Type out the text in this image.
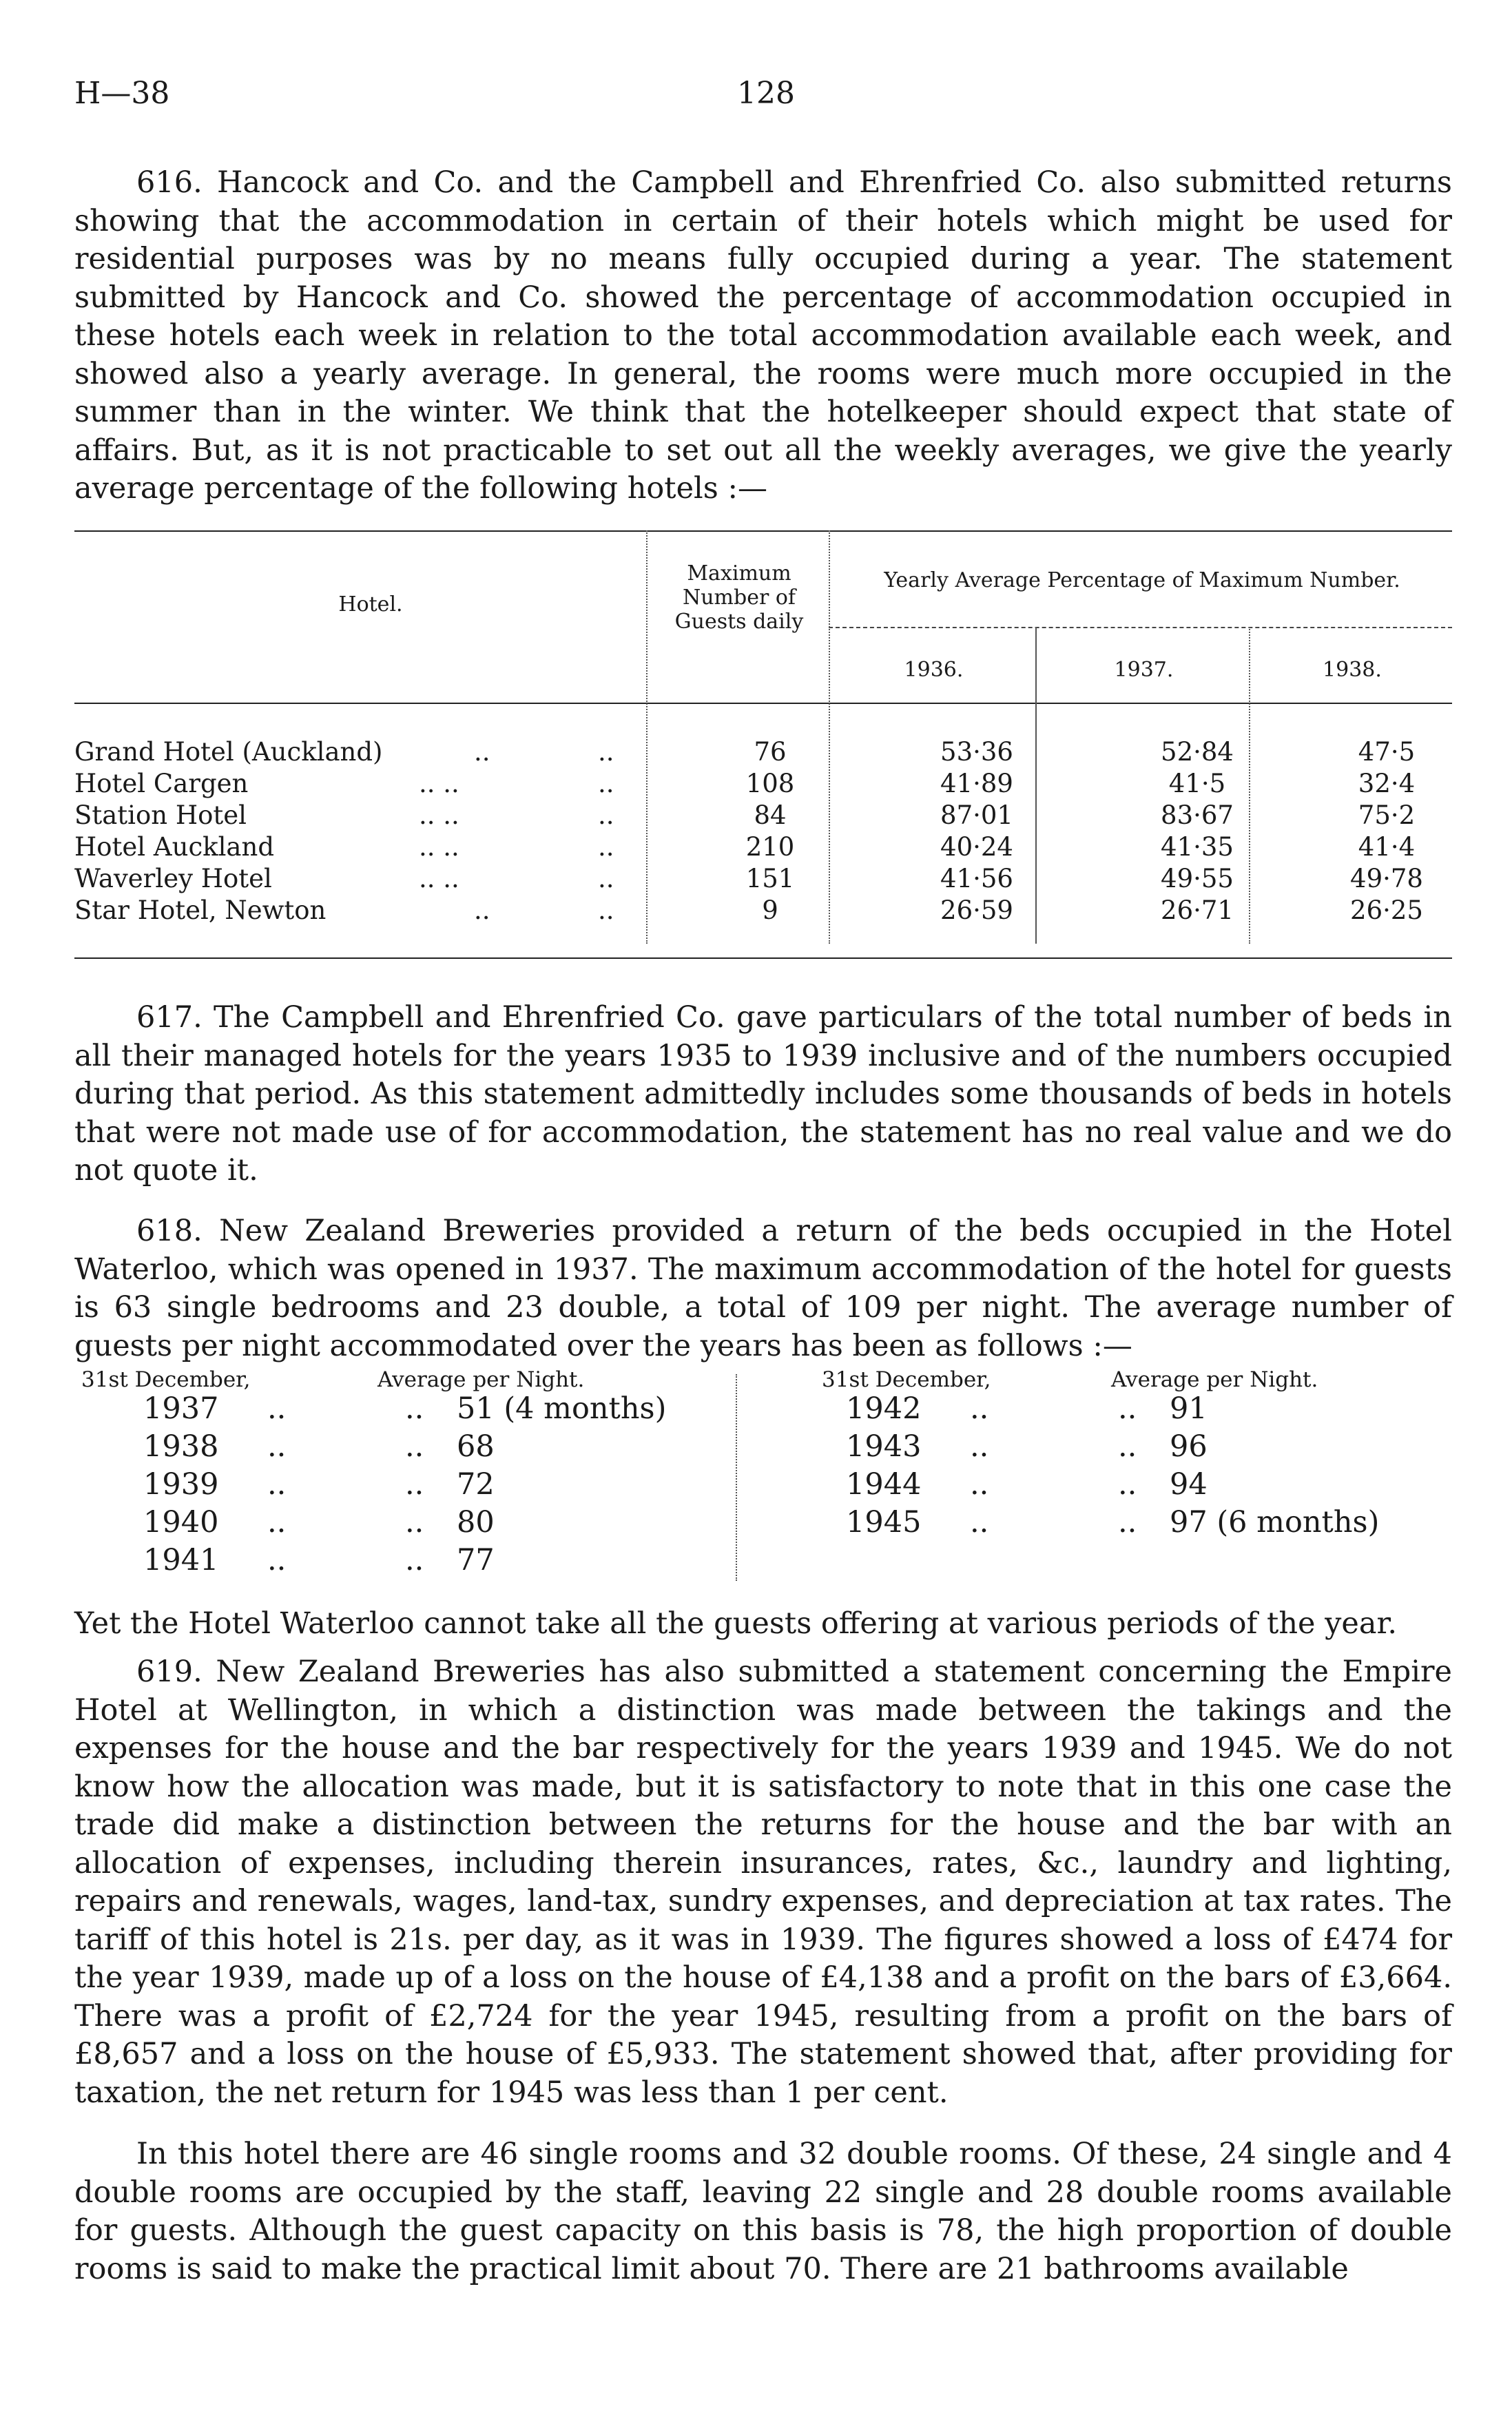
H—38	128

616. Hancock and Co. and the Campbell and Ehrenfried Co. also submitted returns showing that the accommodation in certain of their hotels which might be used for residential purposes was by no means fully occupied during a year. The statement submitted by Hancock and Co. showed the percentage of accommodation occupied in these hotels each week in relation to the total accommodation available each week, and showed also a yearly average. In general, the rooms were much more occupied in the summer than in the winter. We think that the hotelkeeper should expect that state of affairs. But, as it is not practicable to set out all the weekly averages, we give the yearly average percentage of the following hotels :—

Hotel.
Maximum
Number of
Guests daily
Yearly Average Percentage of Maximum Number.
1936.	1937.	1938.
Grand Hotel (Auckland)	..	..	76	53·36	52·84	47·5
Hotel Cargen	.. ..	..	108	41·89	41·5	32·4
Station Hotel	.. ..	..	84	87·01	83·67	75·2
Hotel Auckland	.. ..	..	210	40·24	41·35	41·4
Waverley Hotel	.. ..	..	151	41·56	49·55	49·78
Star Hotel, Newton	..	..	9	26·59	26·71	26·25

617. The Campbell and Ehrenfried Co. gave particulars of the total number of beds in all their managed hotels for the years 1935 to 1939 inclusive and of the numbers occupied during that period. As this statement admittedly includes some thousands of beds in hotels that were not made use of for accommodation, the statement has no real value and we do not quote it.

618. New Zealand Breweries provided a return of the beds occupied in the Hotel Waterloo, which was opened in 1937. The maximum accommodation of the hotel for guests is 63 single bedrooms and 23 double, a total of 109 per night. The average number of guests per night accommodated over the years has been as follows :—

31st December,	Average per Night.	31st December,	Average per Night.
1937 ..	.. 51 (4 months)
1938 ..	.. 68
1939 ..	.. 72
1940 ..	.. 80
1941 ..	.. 77
1942 ..	.. 91
1943 ..	.. 96
1944 ..	.. 94
1945 ..	.. 97 (6 months)

Yet the Hotel Waterloo cannot take all the guests offering at various periods of the year.

619. New Zealand Breweries has also submitted a statement concerning the Empire Hotel at Wellington, in which a distinction was made between the takings and the expenses for the house and the bar respectively for the years 1939 and 1945. We do not know how the allocation was made, but it is satisfactory to note that in this one case the trade did make a distinction between the returns for the house and the bar with an allocation of expenses, including therein insurances, rates, &c., laundry and lighting, repairs and renewals, wages, land-tax, sundry expenses, and depreciation at tax rates. The tariff of this hotel is 21s. per day, as it was in 1939. The figures showed a loss of £474 for the year 1939, made up of a loss on the house of £4,138 and a profit on the bars of £3,664. There was a profit of £2,724 for the year 1945, resulting from a profit on the bars of £8,657 and a loss on the house of £5,933. The statement showed that, after providing for taxation, the net return for 1945 was less than 1 per cent.

In this hotel there are 46 single rooms and 32 double rooms. Of these, 24 single and 4 double rooms are occupied by the staff, leaving 22 single and 28 double rooms available for guests. Although the guest capacity on this basis is 78, the high proportion of double rooms is said to make the practical limit about 70. There are 21 bathrooms available
